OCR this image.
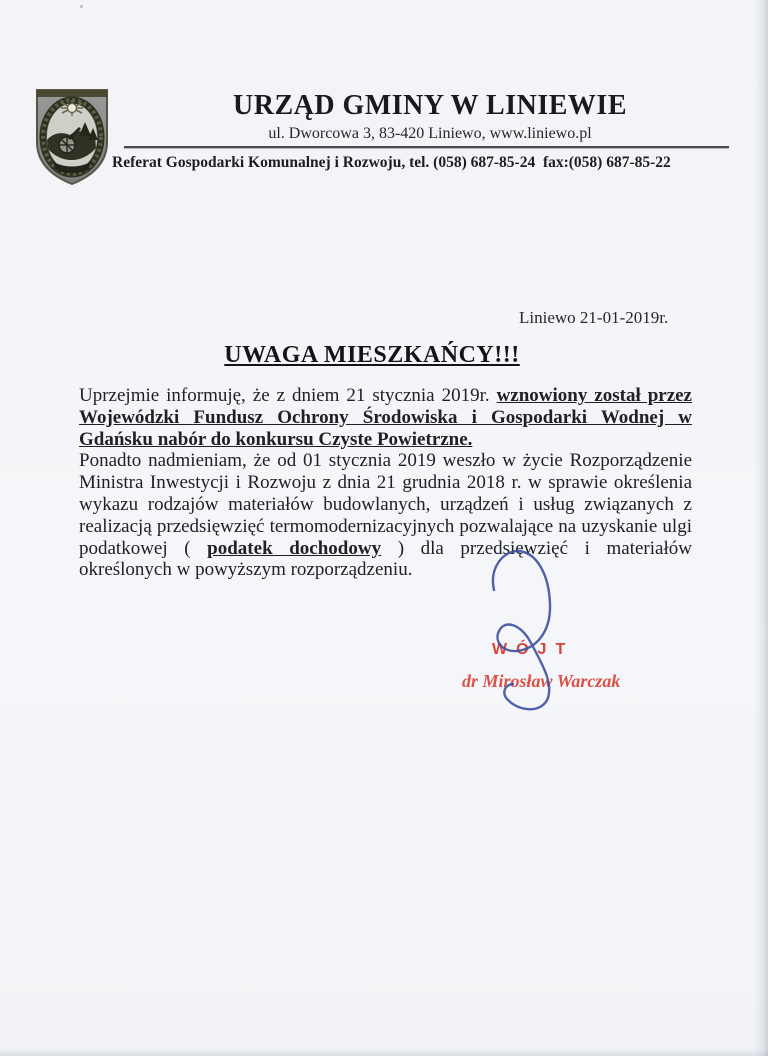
URZĄD GMINY W LINIEWIE
ul. Dworcowa 3, 83-420 Liniewo, www.liniewo.pl
Referat Gospodarki Komunalnej i Rozwoju, tel. (058) 687-85-24  fax:(058) 687-85-22
Liniewo 21-01-2019r.
UWAGA MIESZKAŃCY!!!
Uprzejmie informuję, że z dniem 21 stycznia 2019r. wznowiony został przez Wojewódzki Fundusz Ochrony Środowiska i Gospodarki Wodnej w Gdańsku nabór do konkursu Czyste Powietrzne.
Ponadto nadmieniam, że od 01 stycznia 2019 weszło w życie Rozporządzenie Ministra Inwestycji i Rozwoju z dnia 21 grudnia 2018 r. w sprawie określenia wykazu rodzajów materiałów budowlanych, urządzeń i usług związanych z realizacją przedsięwzięć termomodernizacyjnych pozwalające na uzyskanie ulgi podatkowej ( podatek dochodowy ) dla przedsięwzięć i materiałów określonych w powyższym rozporządzeniu.
WÓJT
dr Mirosław Warczak
